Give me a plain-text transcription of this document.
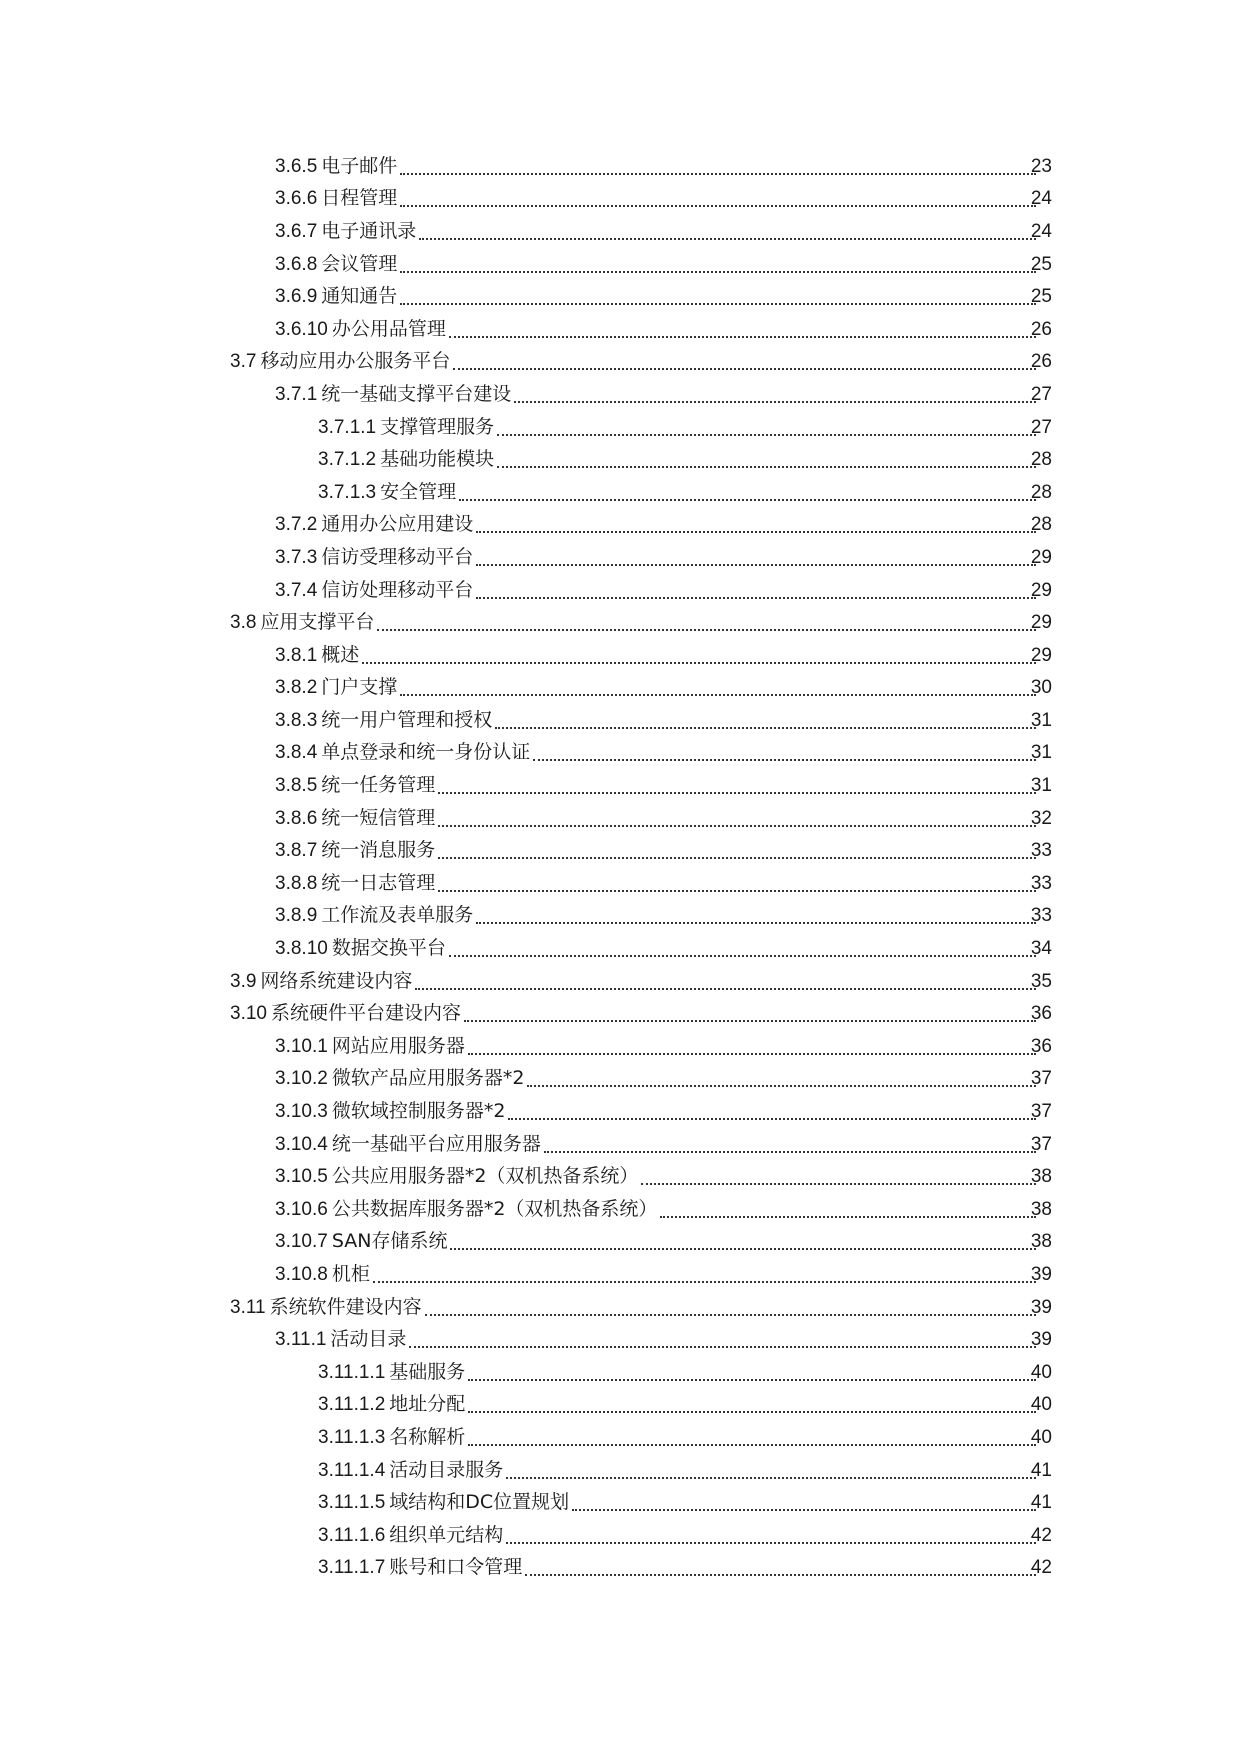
3.6.5 电子邮件	23
3.6.6 日程管理	24
3.6.7 电子通讯录	24
3.6.8 会议管理	25
3.6.9 通知通告	25
3.6.10 办公用品管理	26
3.7 移动应用办公服务平台	26
3.7.1 统一基础支撑平台建设	27
3.7.1.1 支撑管理服务	27
3.7.1.2 基础功能模块	28
3.7.1.3 安全管理	28
3.7.2 通用办公应用建设	28
3.7.3 信访受理移动平台	29
3.7.4 信访处理移动平台	29
3.8 应用支撑平台	29
3.8.1 概述	29
3.8.2 门户支撑	30
3.8.3 统一用户管理和授权	31
3.8.4 单点登录和统一身份认证	31
3.8.5 统一任务管理	31
3.8.6 统一短信管理	32
3.8.7 统一消息服务	33
3.8.8 统一日志管理	33
3.8.9 工作流及表单服务	33
3.8.10 数据交换平台	34
3.9 网络系统建设内容	35
3.10 系统硬件平台建设内容	36
3.10.1 网站应用服务器	36
3.10.2 微软产品应用服务器*2	37
3.10.3 微软域控制服务器*2	37
3.10.4 统一基础平台应用服务器	37
3.10.5 公共应用服务器*2（双机热备系统）	38
3.10.6 公共数据库服务器*2（双机热备系统）	38
3.10.7 SAN存储系统	38
3.10.8 机柜	39
3.11 系统软件建设内容	39
3.11.1 活动目录	39
3.11.1.1 基础服务	40
3.11.1.2 地址分配	40
3.11.1.3 名称解析	40
3.11.1.4 活动目录服务	41
3.11.1.5 域结构和DC位置规划	41
3.11.1.6 组织单元结构	42
3.11.1.7 账号和口令管理	42
